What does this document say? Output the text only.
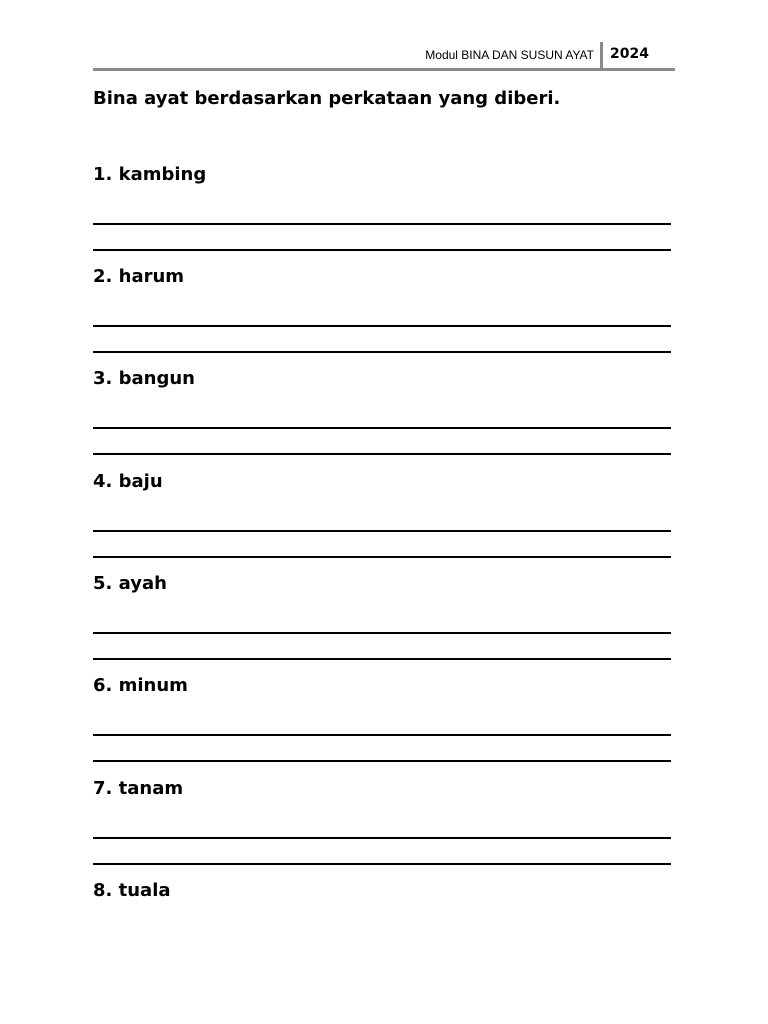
Modul BINA DAN SUSUN AYAT 2024
Bina ayat berdasarkan perkataan yang diberi.
1. kambing
2. harum
3. bangun
4. baju
5. ayah
6. minum
7. tanam
8. tuala
